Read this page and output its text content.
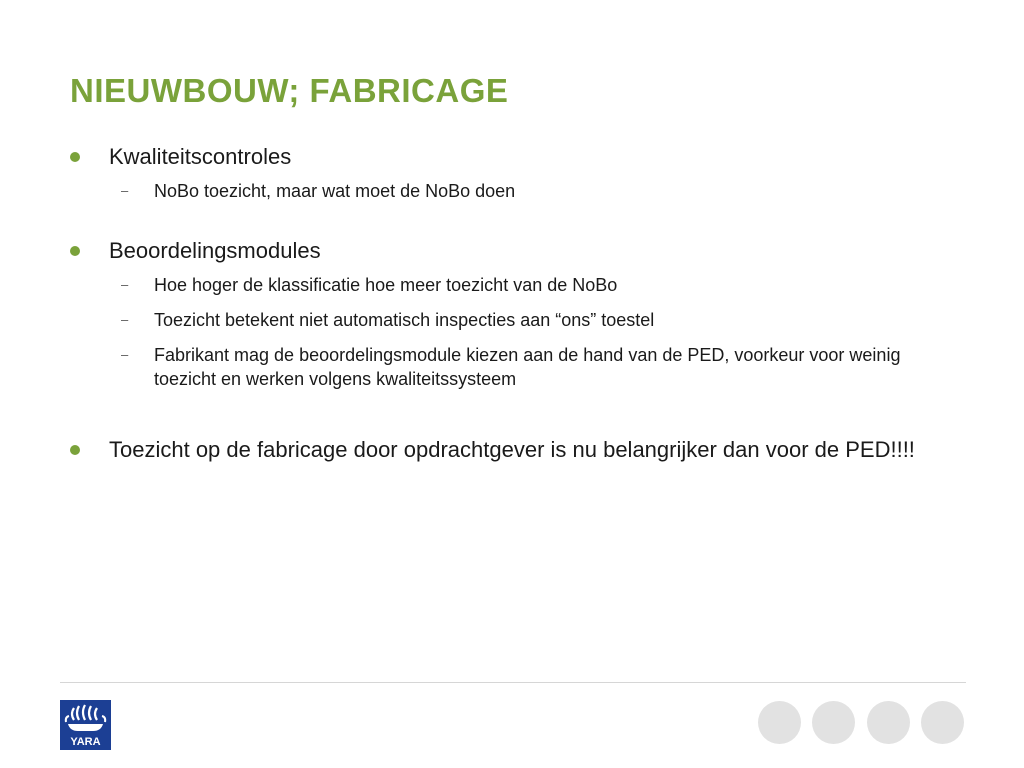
NIEUWBOUW; FABRICAGE
Kwaliteitscontroles
– NoBo toezicht, maar wat moet de NoBo doen
Beoordelingsmodules
– Hoe hoger de klassificatie hoe meer toezicht van de NoBo
– Toezicht betekent niet automatisch inspecties aan “ons” toestel
– Fabrikant mag de beoordelingsmodule kiezen aan de hand van de PED, voorkeur voor weinig toezicht en werken volgens kwaliteitssysteem
Toezicht op de fabricage door opdrachtgever is nu belangrijker dan voor de PED!!!!
YARA
